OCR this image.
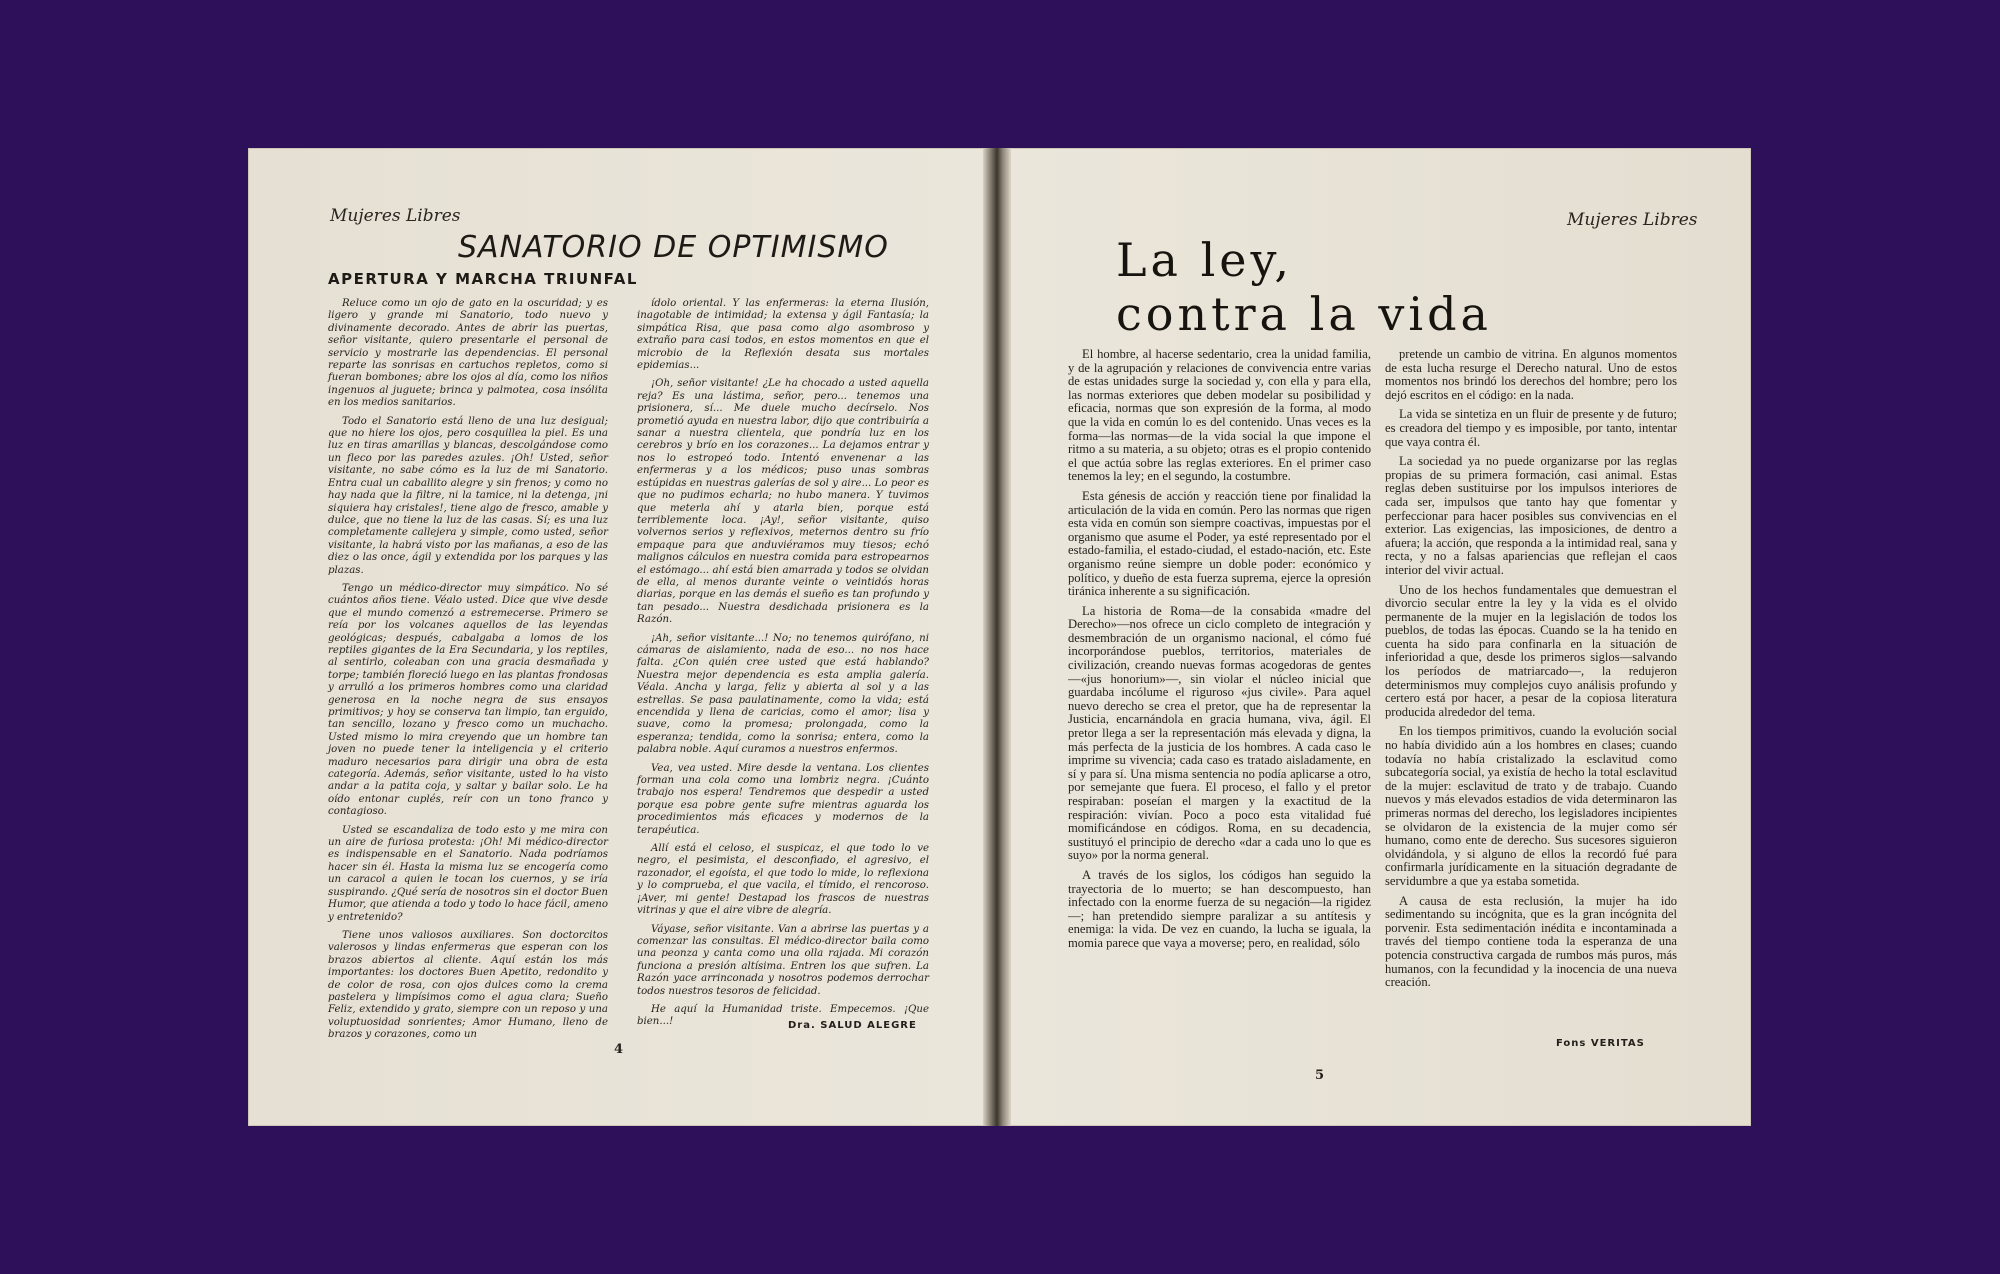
Mujeres Libres
SANATORIO DE OPTIMISMO
APERTURA Y MARCHA TRIUNFAL

Reluce como un ojo de gato en la oscuridad; y es ligero y grande mi Sanatorio, todo nuevo y divinamente decorado. Antes de abrir las puertas, señor visitante, quiero presentarle el personal de servicio y mostrarle las dependencias. El personal reparte las sonrisas en cartuchos repletos, como si fueran bombones; abre los ojos al día, como los niños ingenuos al juguete; brinca y palmotea, cosa insólita en los medios sanitarios.

Todo el Sanatorio está lleno de una luz desigual; que no hiere los ojos, pero cosquillea la piel. Es una luz en tiras amarillas y blancas, descolgándose como un fleco por las paredes azules. ¡Oh! Usted, señor visitante, no sabe cómo es la luz de mi Sanatorio. Entra cual un caballito alegre y sin frenos; y como no hay nada que la filtre, ni la tamice, ni la detenga, ¡ni siquiera hay cristales!, tiene algo de fresco, amable y dulce, que no tiene la luz de las casas. Sí; es una luz completamente callejera y simple, como usted, señor visitante, la habrá visto por las mañanas, a eso de las diez o las once, ágil y extendida por los parques y las plazas.

Tengo un médico-director muy simpático. No sé cuántos años tiene. Véalo usted. Dice que vive desde que el mundo comenzó a estremecerse. Primero se reía por los volcanes aquellos de las leyendas geológicas; después, cabalgaba a lomos de los reptiles gigantes de la Era Secundaria, y los reptiles, al sentirlo, coleaban con una gracia desmañada y torpe; también floreció luego en las plantas frondosas y arrulló a los primeros hombres como una claridad generosa en la noche negra de sus ensayos primitivos; y hoy se conserva tan limpio, tan erguido, tan sencillo, lozano y fresco como un muchacho. Usted mismo lo mira creyendo que un hombre tan joven no puede tener la inteligencia y el criterio maduro necesarios para dirigir una obra de esta categoría. Además, señor visitante, usted lo ha visto andar a la patita coja, y saltar y bailar solo. Le ha oído entonar cuplés, reír con un tono franco y contagioso.

Usted se escandaliza de todo esto y me mira con un aire de furiosa protesta: ¡Oh! Mi médico-director es indispensable en el Sanatorio. Nada podríamos hacer sin él. Hasta la misma luz se encogería como un caracol a quien le tocan los cuernos, y se iría suspirando. ¿Qué sería de nosotros sin el doctor Buen Humor, que atienda a todo y todo lo hace fácil, ameno y entretenido?

Tiene unos valiosos auxiliares. Son doctorcitos valerosos y lindas enfermeras que esperan con los brazos abiertos al cliente. Aquí están los más importantes: los doctores Buen Apetito, redondito y de color de rosa, con ojos dulces como la crema pastelera y limpísimos como el agua clara; Sueño Feliz, extendido y grato, siempre con un reposo y una voluptuosidad sonrientes; Amor Humano, lleno de brazos y corazones, como un

ídolo oriental. Y las enfermeras: la eterna Ilusión, inagotable de intimidad; la extensa y ágil Fantasía; la simpática Risa, que pasa como algo asombroso y extraño para casi todos, en estos momentos en que el microbio de la Reflexión desata sus mortales epidemias...

¡Oh, señor visitante! ¿Le ha chocado a usted aquella reja? Es una lástima, señor, pero... tenemos una prisionera, sí... Me duele mucho decírselo. Nos prometió ayuda en nuestra labor, dijo que contribuiría a sanar a nuestra clientela, que pondría luz en los cerebros y brío en los corazones... La dejamos entrar y nos lo estropeó todo. Intentó envenenar a las enfermeras y a los médicos; puso unas sombras estúpidas en nuestras galerías de sol y aire... Lo peor es que no pudimos echarla; no hubo manera. Y tuvimos que meterla ahí y atarla bien, porque está terriblemente loca. ¡Ay!, señor visitante, quiso volvernos serios y reflexivos, meternos dentro su frío empaque para que anduviéramos muy tiesos; echó malignos cálculos en nuestra comida para estropearnos el estómago... ahí está bien amarrada y todos se olvidan de ella, al menos durante veinte o veintidós horas diarias, porque en las demás el sueño es tan profundo y tan pesado... Nuestra desdichada prisionera es la Razón.

¡Ah, señor visitante...! No; no tenemos quirófano, ni cámaras de aislamiento, nada de eso... no nos hace falta. ¿Con quién cree usted que está hablando? Nuestra mejor dependencia es esta amplia galería. Véala. Ancha y larga, feliz y abierta al sol y a las estrellas. Se pasa paulatinamente, como la vida; está encendida y llena de caricias, como el amor; lisa y suave, como la promesa; prolongada, como la esperanza; tendida, como la sonrisa; entera, como la palabra noble. Aquí curamos a nuestros enfermos.

Vea, vea usted. Mire desde la ventana. Los clientes forman una cola como una lombriz negra. ¡Cuánto trabajo nos espera! Tendremos que despedir a usted porque esa pobre gente sufre mientras aguarda los procedimientos más eficaces y modernos de la terapéutica.

Allí está el celoso, el suspicaz, el que todo lo ve negro, el pesimista, el desconfiado, el agresivo, el razonador, el egoísta, el que todo lo mide, lo reflexiona y lo comprueba, el que vacila, el tímido, el rencoroso. ¡Aver, mi gente! Destapad los frascos de nuestras vitrinas y que el aire vibre de alegría.

Váyase, señor visitante. Van a abrirse las puertas y a comenzar las consultas. El médico-director baila como una peonza y canta como una olla rajada. Mi corazón funciona a presión altísima. Entren los que sufren. La Razón yace arrinconada y nosotros podemos derrochar todos nuestros tesoros de felicidad.

He aquí la Humanidad triste. Empecemos. ¡Que bien...!	Dra. SALUD ALEGRE
4
Mujeres Libres
La ley,
contra la vida

El hombre, al hacerse sedentario, crea la unidad familia, y de la agrupación y relaciones de convivencia entre varias de estas unidades surge la sociedad y, con ella y para ella, las normas exteriores que deben modelar su posibilidad y eficacia, normas que son expresión de la forma, al modo que la vida en común lo es del contenido. Unas veces es la forma—las normas—de la vida social la que impone el ritmo a su materia, a su objeto; otras es el propio contenido el que actúa sobre las reglas exteriores. En el primer caso tenemos la ley; en el segundo, la costumbre.

Esta génesis de acción y reacción tiene por finalidad la articulación de la vida en común. Pero las normas que rigen esta vida en común son siempre coactivas, impuestas por el organismo que asume el Poder, ya esté representado por el estado-familia, el estado-ciudad, el estado-nación, etc. Este organismo reúne siempre un doble poder: económico y político, y dueño de esta fuerza suprema, ejerce la opresión tiránica inherente a su significación.

La historia de Roma—de la consabida «madre del Derecho»—nos ofrece un ciclo completo de integración y desmembración de un organismo nacional, el cómo fué incorporándose pueblos, territorios, materiales de civilización, creando nuevas formas acogedoras de gentes—«jus honorium»—, sin violar el núcleo inicial que guardaba incólume el riguroso «jus civile». Para aquel nuevo derecho se crea el pretor, que ha de representar la Justicia, encarnándola en gracia humana, viva, ágil. El pretor llega a ser la representación más elevada y digna, la más perfecta de la justicia de los hombres. A cada caso le imprime su vivencia; cada caso es tratado aisladamente, en sí y para sí. Una misma sentencia no podía aplicarse a otro, por semejante que fuera. El proceso, el fallo y el pretor respiraban: poseían el margen y la exactitud de la respiración: vivían. Poco a poco esta vitalidad fué momificándose en códigos. Roma, en su decadencia, sustituyó el principio de derecho «dar a cada uno lo que es suyo» por la norma general.

A través de los siglos, los códigos han seguido la trayectoria de lo muerto; se han descompuesto, han infectado con la enorme fuerza de su negación—la rigidez—; han pretendido siempre paralizar a su antítesis y enemiga: la vida. De vez en cuando, la lucha se iguala, la momia parece que vaya a moverse; pero, en realidad, sólo

pretende un cambio de vitrina. En algunos momentos de esta lucha resurge el Derecho natural. Uno de estos momentos nos brindó los derechos del hombre; pero los dejó escritos en el código: en la nada.

La vida se sintetiza en un fluir de presente y de futuro; es creadora del tiempo y es imposible, por tanto, intentar que vaya contra él.

La sociedad ya no puede organizarse por las reglas propias de su primera formación, casi animal. Estas reglas deben sustituirse por los impulsos interiores de cada ser, impulsos que tanto hay que fomentar y perfeccionar para hacer posibles sus convivencias en el exterior. Las exigencias, las imposiciones, de dentro a afuera; la acción, que responda a la intimidad real, sana y recta, y no a falsas apariencias que reflejan el caos interior del vivir actual.

Uno de los hechos fundamentales que demuestran el divorcio secular entre la ley y la vida es el olvido permanente de la mujer en la legislación de todos los pueblos, de todas las épocas. Cuando se la ha tenido en cuenta ha sido para confinarla en la situación de inferioridad a que, desde los primeros siglos—salvando los períodos de matriarcado—, la redujeron determinismos muy complejos cuyo análisis profundo y certero está por hacer, a pesar de la copiosa literatura producida alrededor del tema.

En los tiempos primitivos, cuando la evolución social no había dividido aún a los hombres en clases; cuando todavía no había cristalizado la esclavitud como subcategoría social, ya existía de hecho la total esclavitud de la mujer: esclavitud de trato y de trabajo. Cuando nuevos y más elevados estadios de vida determinaron las primeras normas del derecho, los legisladores incipientes se olvidaron de la existencia de la mujer como sér humano, como ente de derecho. Sus sucesores siguieron olvidándola, y si alguno de ellos la recordó fué para confirmarla jurídicamente en la situación degradante de servidumbre a que ya estaba sometida.

A causa de esta reclusión, la mujer ha ido sedimentando su incógnita, que es la gran incógnita del porvenir. Esta sedimentación inédita e incontaminada a través del tiempo contiene toda la esperanza de una potencia constructiva cargada de rumbos más puros, más humanos, con la fecundidad y la inocencia de una nueva creación.

Fons VERITAS
5
